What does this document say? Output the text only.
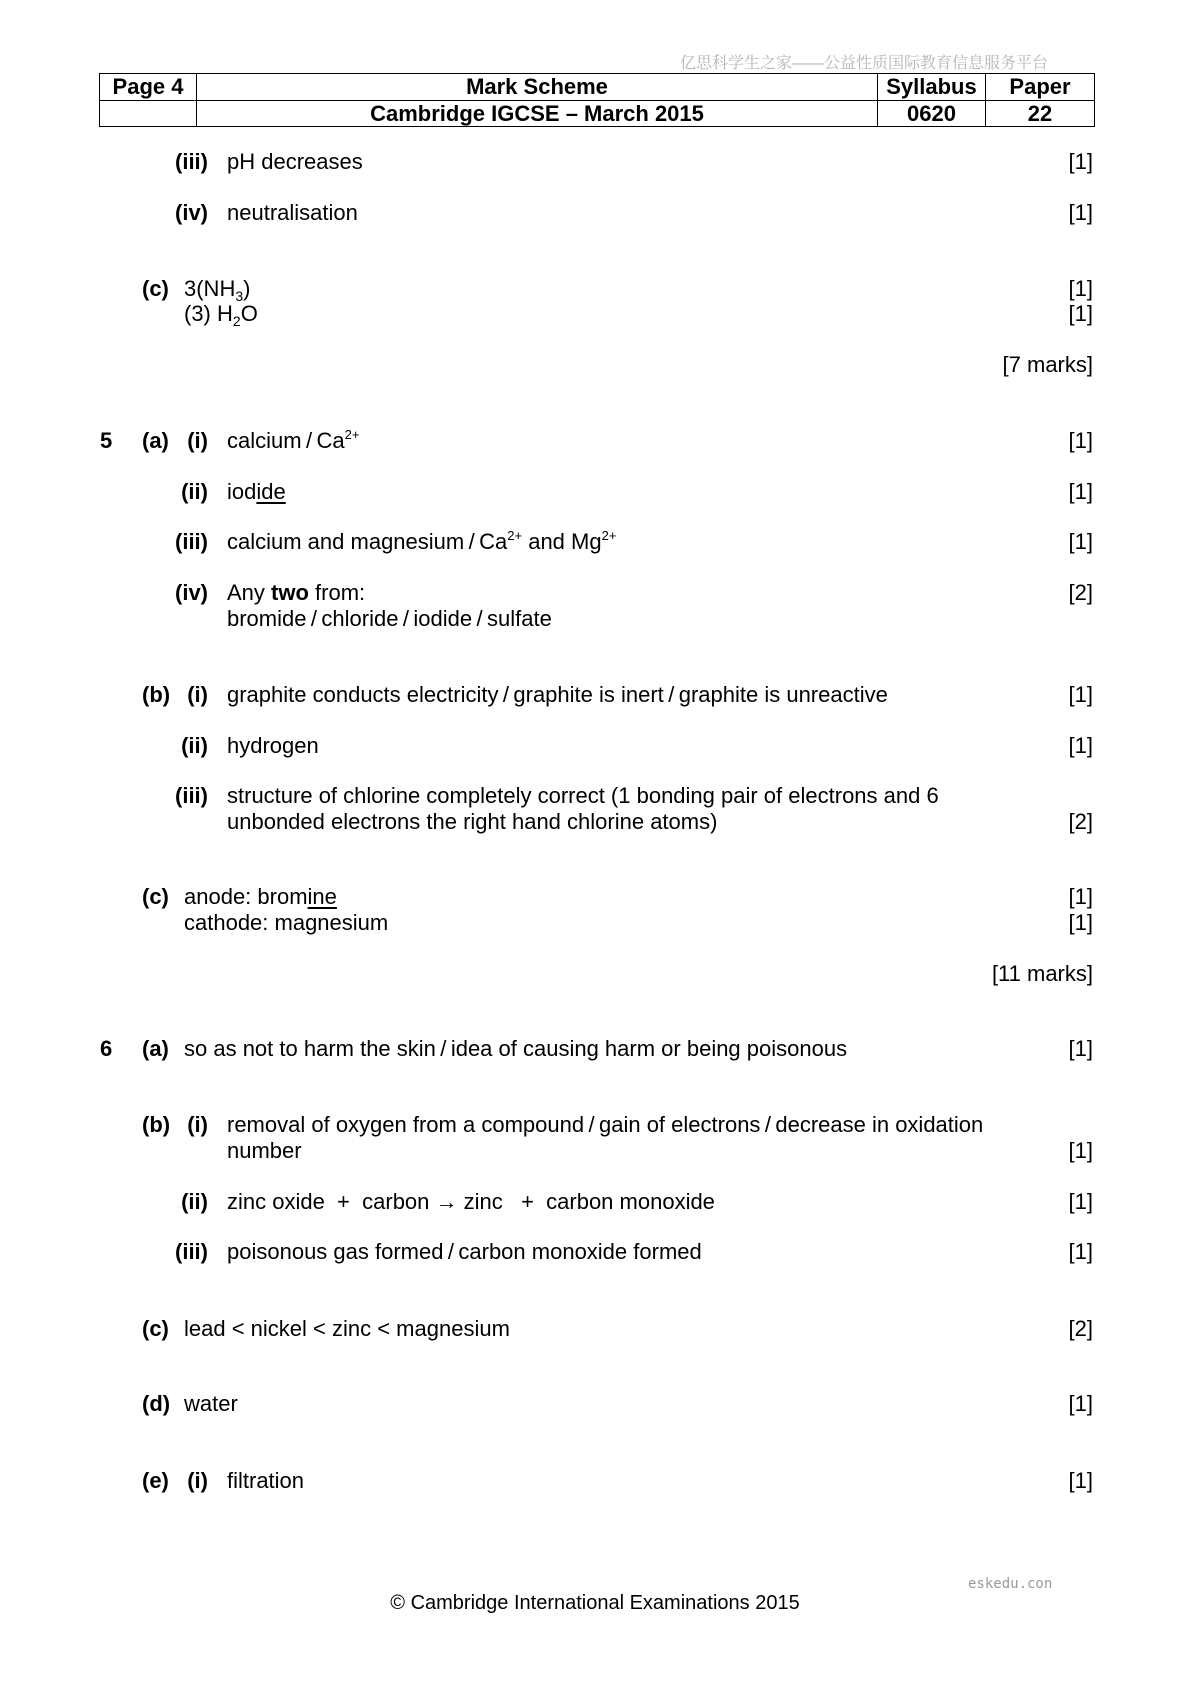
亿思科学生之家——公益性质国际教育信息服务平台
Page 4	Mark Scheme	Syllabus	Paper
	Cambridge IGCSE – March 2015	0620	22
(iii) pH decreases	[1]
(iv) neutralisation	[1]
(c) $3(NH_3)$	[1]
(3) $H_2O$	[1]
[7 marks]
5 (a) (i) calcium / $Ca^{2+}$	[1]
(ii) iodide	[1]
(iii) calcium and magnesium / $Ca^{2+}$ and $Mg^{2+}$	[1]
(iv) Any two from:	[2]
bromide / chloride / iodide / sulfate
(b) (i) graphite conducts electricity / graphite is inert / graphite is unreactive	[1]
(ii) hydrogen	[1]
(iii) structure of chlorine completely correct (1 bonding pair of electrons and 6
unbonded electrons the right hand chlorine atoms)	[2]
(c) anode: bromine	[1]
cathode: magnesium	[1]
[11 marks]
6 (a) so as not to harm the skin / idea of causing harm or being poisonous	[1]
(b) (i) removal of oxygen from a compound / gain of electrons / decrease in oxidation
number	[1]
(ii) zinc oxide  +  carbon → zinc   +  carbon monoxide	[1]
(iii) poisonous gas formed / carbon monoxide formed	[1]
(c) lead < nickel < zinc < magnesium	[2]
(d) water	[1]
(e) (i) filtration	[1]
eskedu.con
© Cambridge International Examinations 2015
